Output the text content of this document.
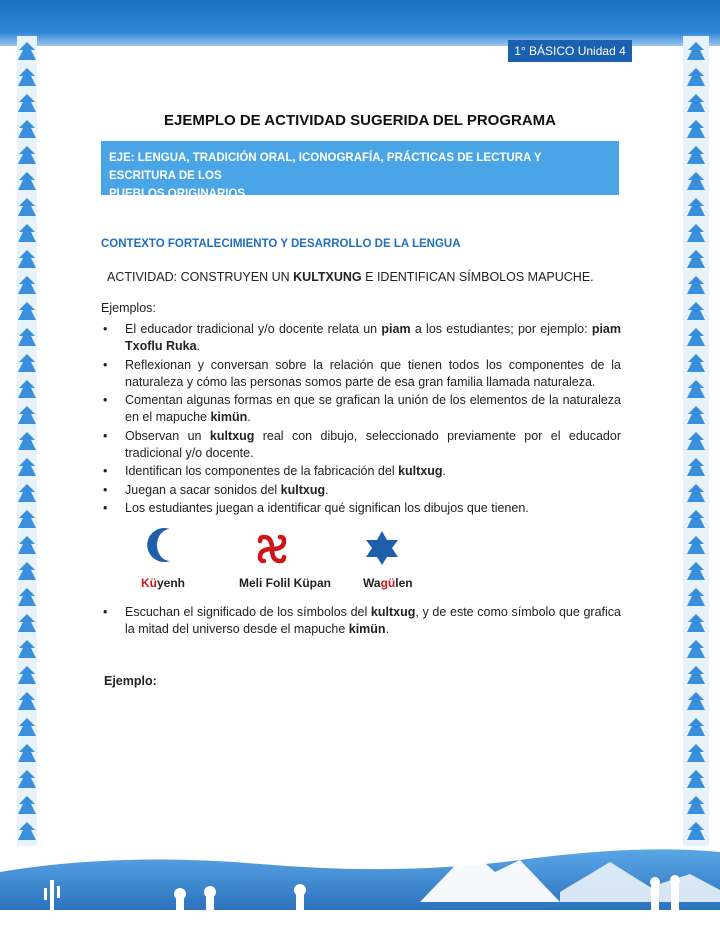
1° BÁSICO Unidad 4
EJEMPLO DE ACTIVIDAD SUGERIDA DEL PROGRAMA
EJE: LENGUA, TRADICIÓN ORAL, ICONOGRAFÍA, PRÁCTICAS DE LECTURA Y ESCRITURA DE LOS
PUEBLOS ORIGINARIOS
CONTEXTO FORTALECIMIENTO Y DESARROLLO DE LA LENGUA
ACTIVIDAD: CONSTRUYEN UN KULTXUNG E IDENTIFICAN SÍMBOLOS MAPUCHE.
Ejemplos:
• El educador tradicional y/o docente relata un piam a los estudiantes; por ejemplo: piam Txoflu Ruka.
• Reflexionan y conversan sobre la relación que tienen todos los componentes de la naturaleza y cómo las personas somos parte de esa gran familia llamada naturaleza.
• Comentan algunas formas en que se grafican la unión de los elementos de la naturaleza en el mapuche kimün.
• Observan un kultxug real con dibujo, seleccionado previamente por el educador tradicional y/o docente.
• Identifican los componentes de la fabricación del kultxug.
• Juegan a sacar sonidos del kultxug.
• Los estudiantes juegan a identificar qué significan los dibujos que tienen.
Küyenh	Meli Folil Küpan	Wagülen
• Escuchan el significado de los símbolos del kultxug, y de este como símbolo que grafica la mitad del universo desde el mapuche kimün.
Ejemplo:
